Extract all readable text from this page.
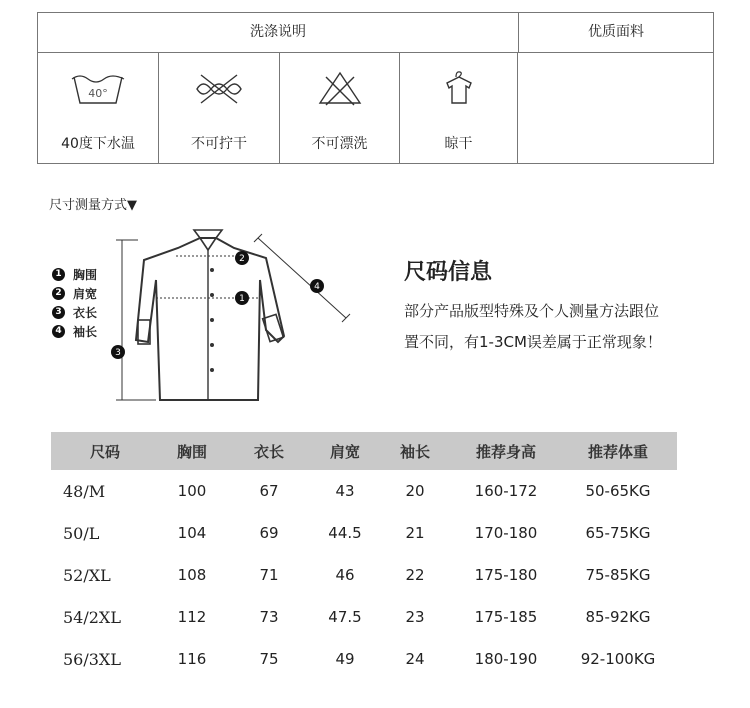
洗涤说明	优质面料
40°
40度下水温	不可拧干	不可漂洗	晾干
尺寸测量方式▼
1 胸围
2 肩宽
3 衣长
4 袖长
1
2
3
4
尺码信息
部分产品版型特殊及个人测量方法跟位
置不同，有1-3CM误差属于正常现象！
尺码	胸围	衣长	肩宽	袖长	推荐身高	推荐体重
48/M	100	67	43	20	160-172	50-65KG
50/L	104	69	44.5	21	170-180	65-75KG
52/XL	108	71	46	22	175-180	75-85KG
54/2XL	112	73	47.5	23	175-185	85-92KG
56/3XL	116	75	49	24	180-190	92-100KG
